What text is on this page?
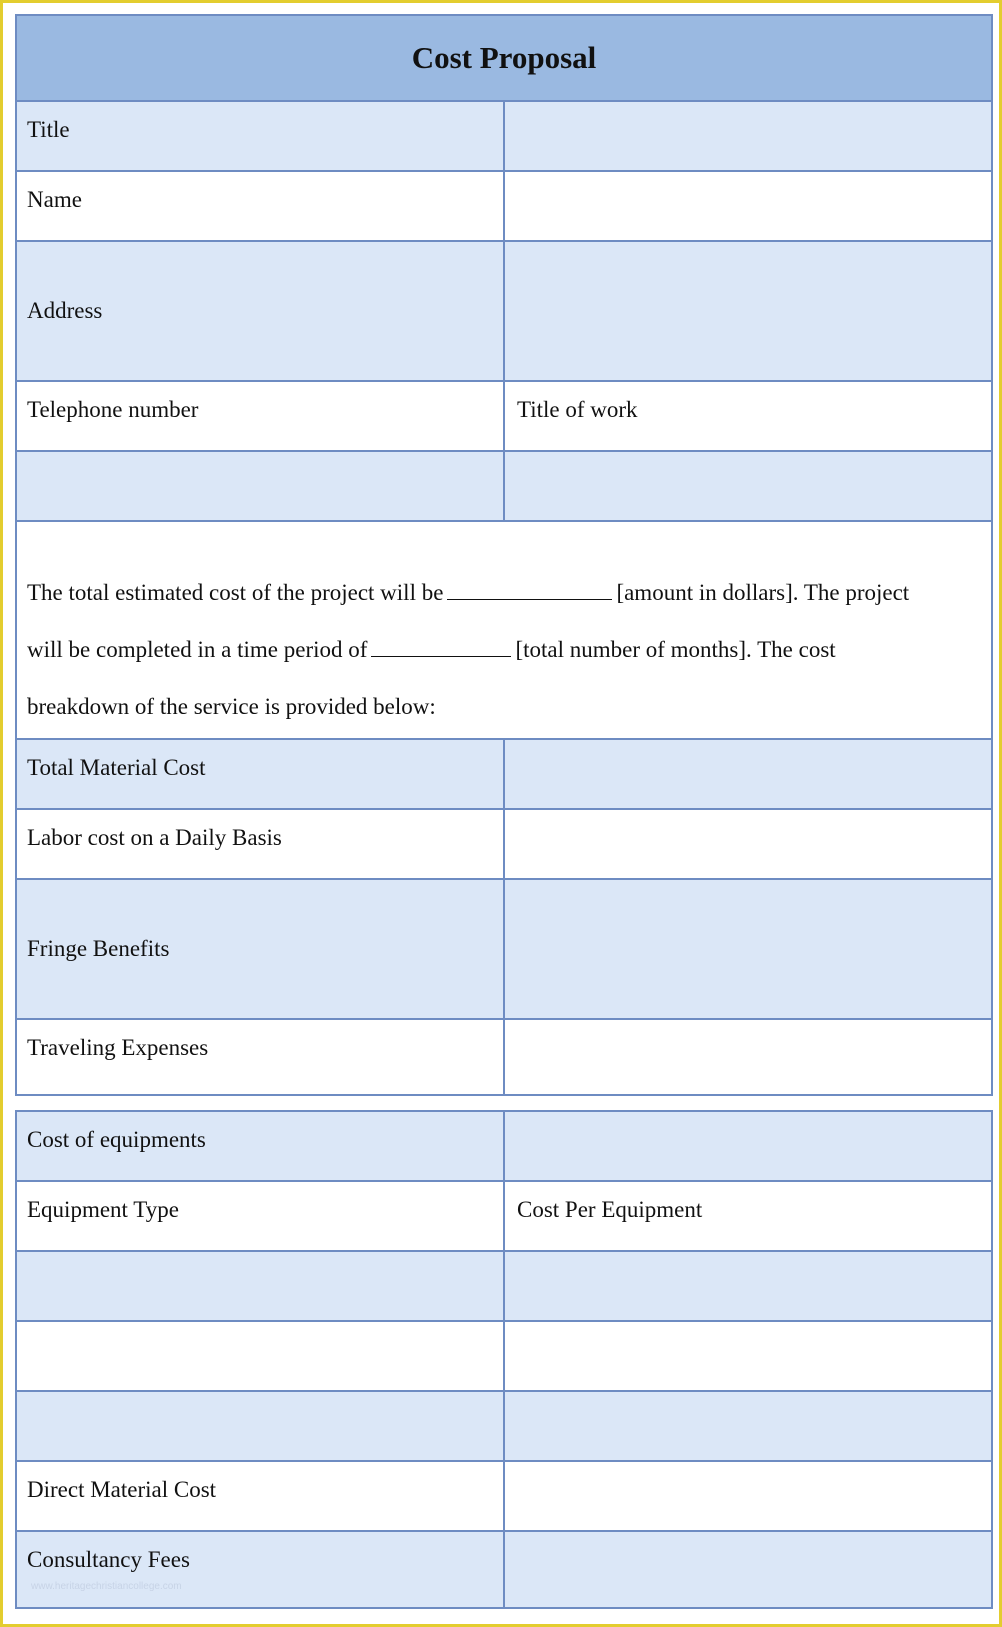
Cost Proposal
Title
Name
Address
Telephone number	Title of work
The total estimated cost of the project will be	[amount in dollars]. The project
will be completed in a time period of	[total number of months]. The cost
breakdown of the service is provided below:
Total Material Cost
Labor cost on a Daily Basis
Fringe Benefits
Traveling Expenses
Cost of equipments
Equipment Type	Cost Per Equipment
Direct Material Cost
Consultancy Fees
www.heritagechristiancollege.com
